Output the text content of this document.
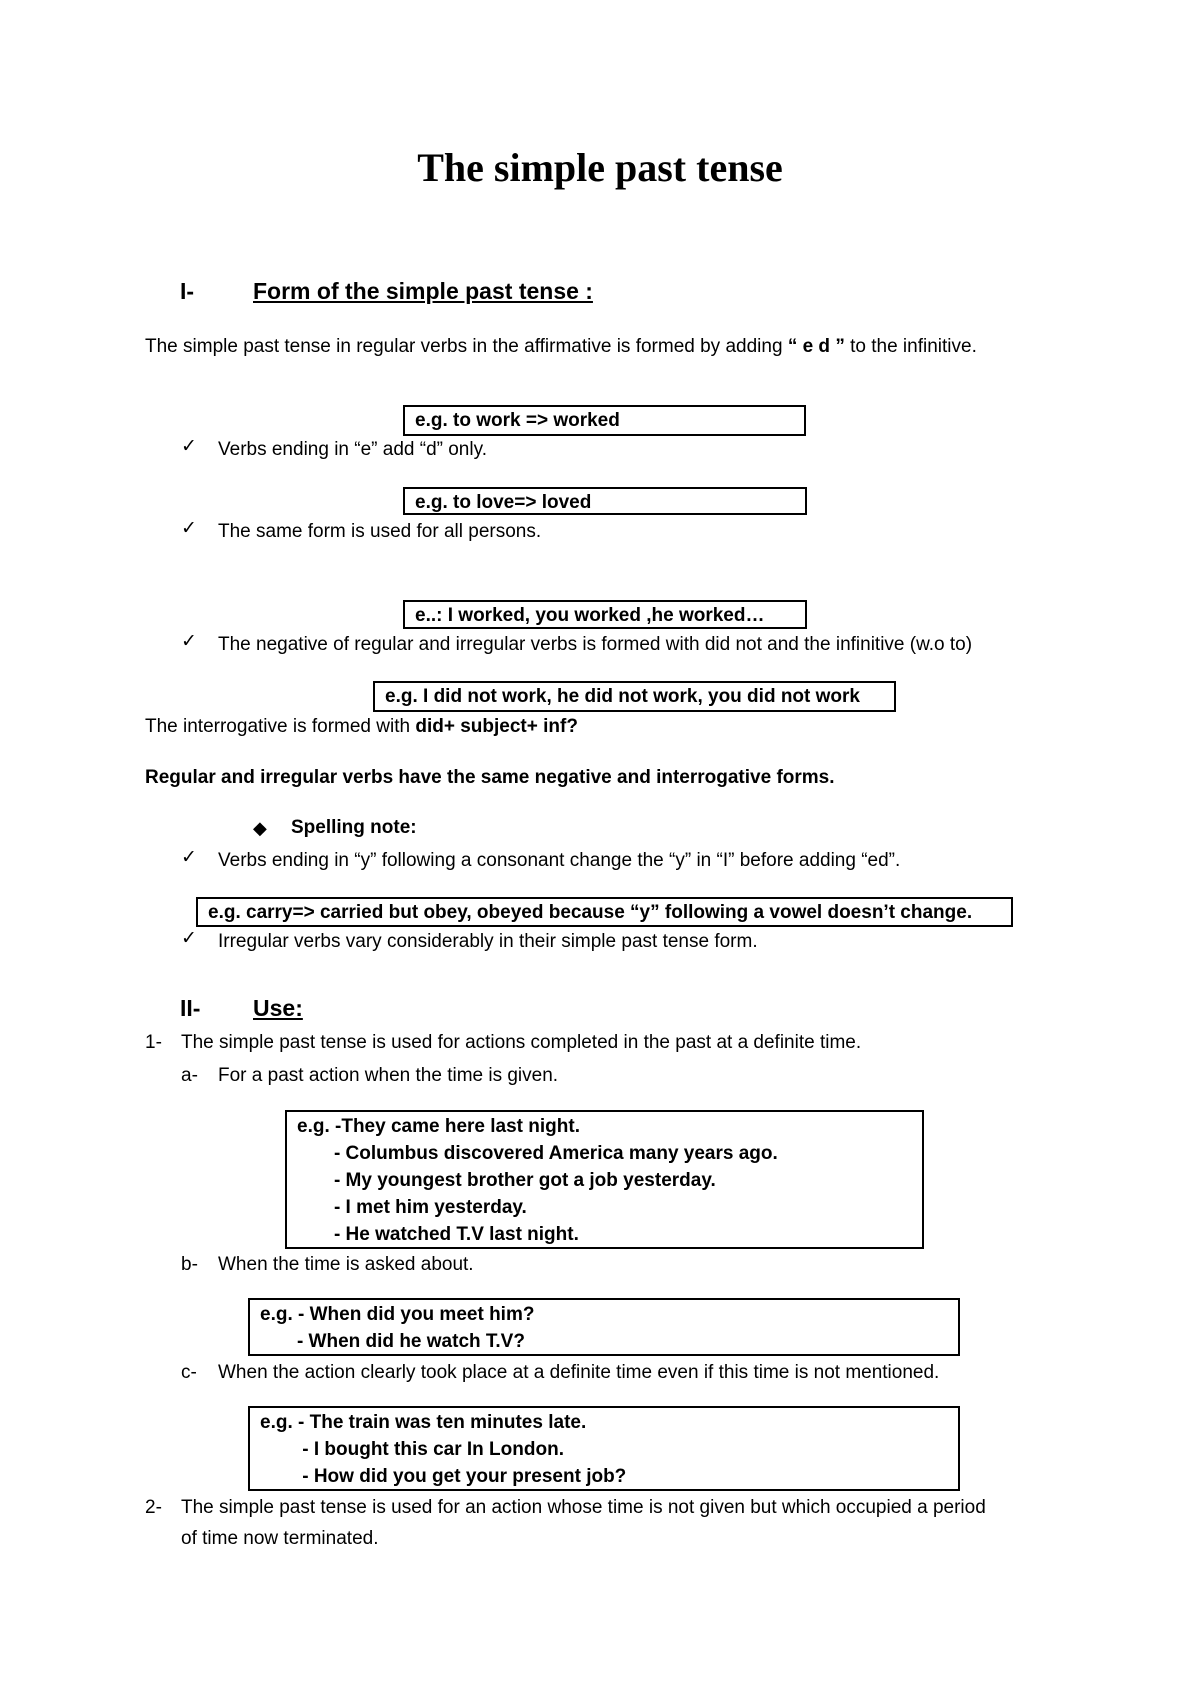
The simple past tense
I-	Form of the simple past tense :
The simple past tense in regular verbs in the affirmative is formed by adding “ e d ” to the infinitive.
e.g. to work => worked
✓ Verbs ending in “e” add “d” only.
e.g. to love=> loved
✓ The same form is used for all persons.
e..: I worked, you worked ,he worked…
✓ The negative of regular and irregular verbs is formed with did not and the infinitive (w.o to)
e.g. I did not work, he did not work, you did not work
The interrogative is formed with did+ subject+ inf?
Regular and irregular verbs have the same negative and interrogative forms.
◆ Spelling note:
✓ Verbs ending in “y” following a consonant change the “y” in “I” before adding “ed”.
e.g. carry=> carried but obey, obeyed because “y” following a vowel doesn’t change.
✓ Irregular verbs vary considerably in their simple past tense form.
II- Use:
1- The simple past tense is used for actions completed in the past at a definite time.
a- For a past action when the time is given.
e.g. -They came here last night.
- Columbus discovered America many years ago.
- My youngest brother got a job yesterday.
- I met him yesterday.
- He watched T.V last night.
b- When the time is asked about.
e.g. - When did you meet him?
- When did he watch T.V?
c- When the action clearly took place at a definite time even if this time is not mentioned.
e.g. - The train was ten minutes late.
- I bought this car In London.
- How did you get your present job?
2- The simple past tense is used for an action whose time is not given but which occupied a period
of time now terminated.
